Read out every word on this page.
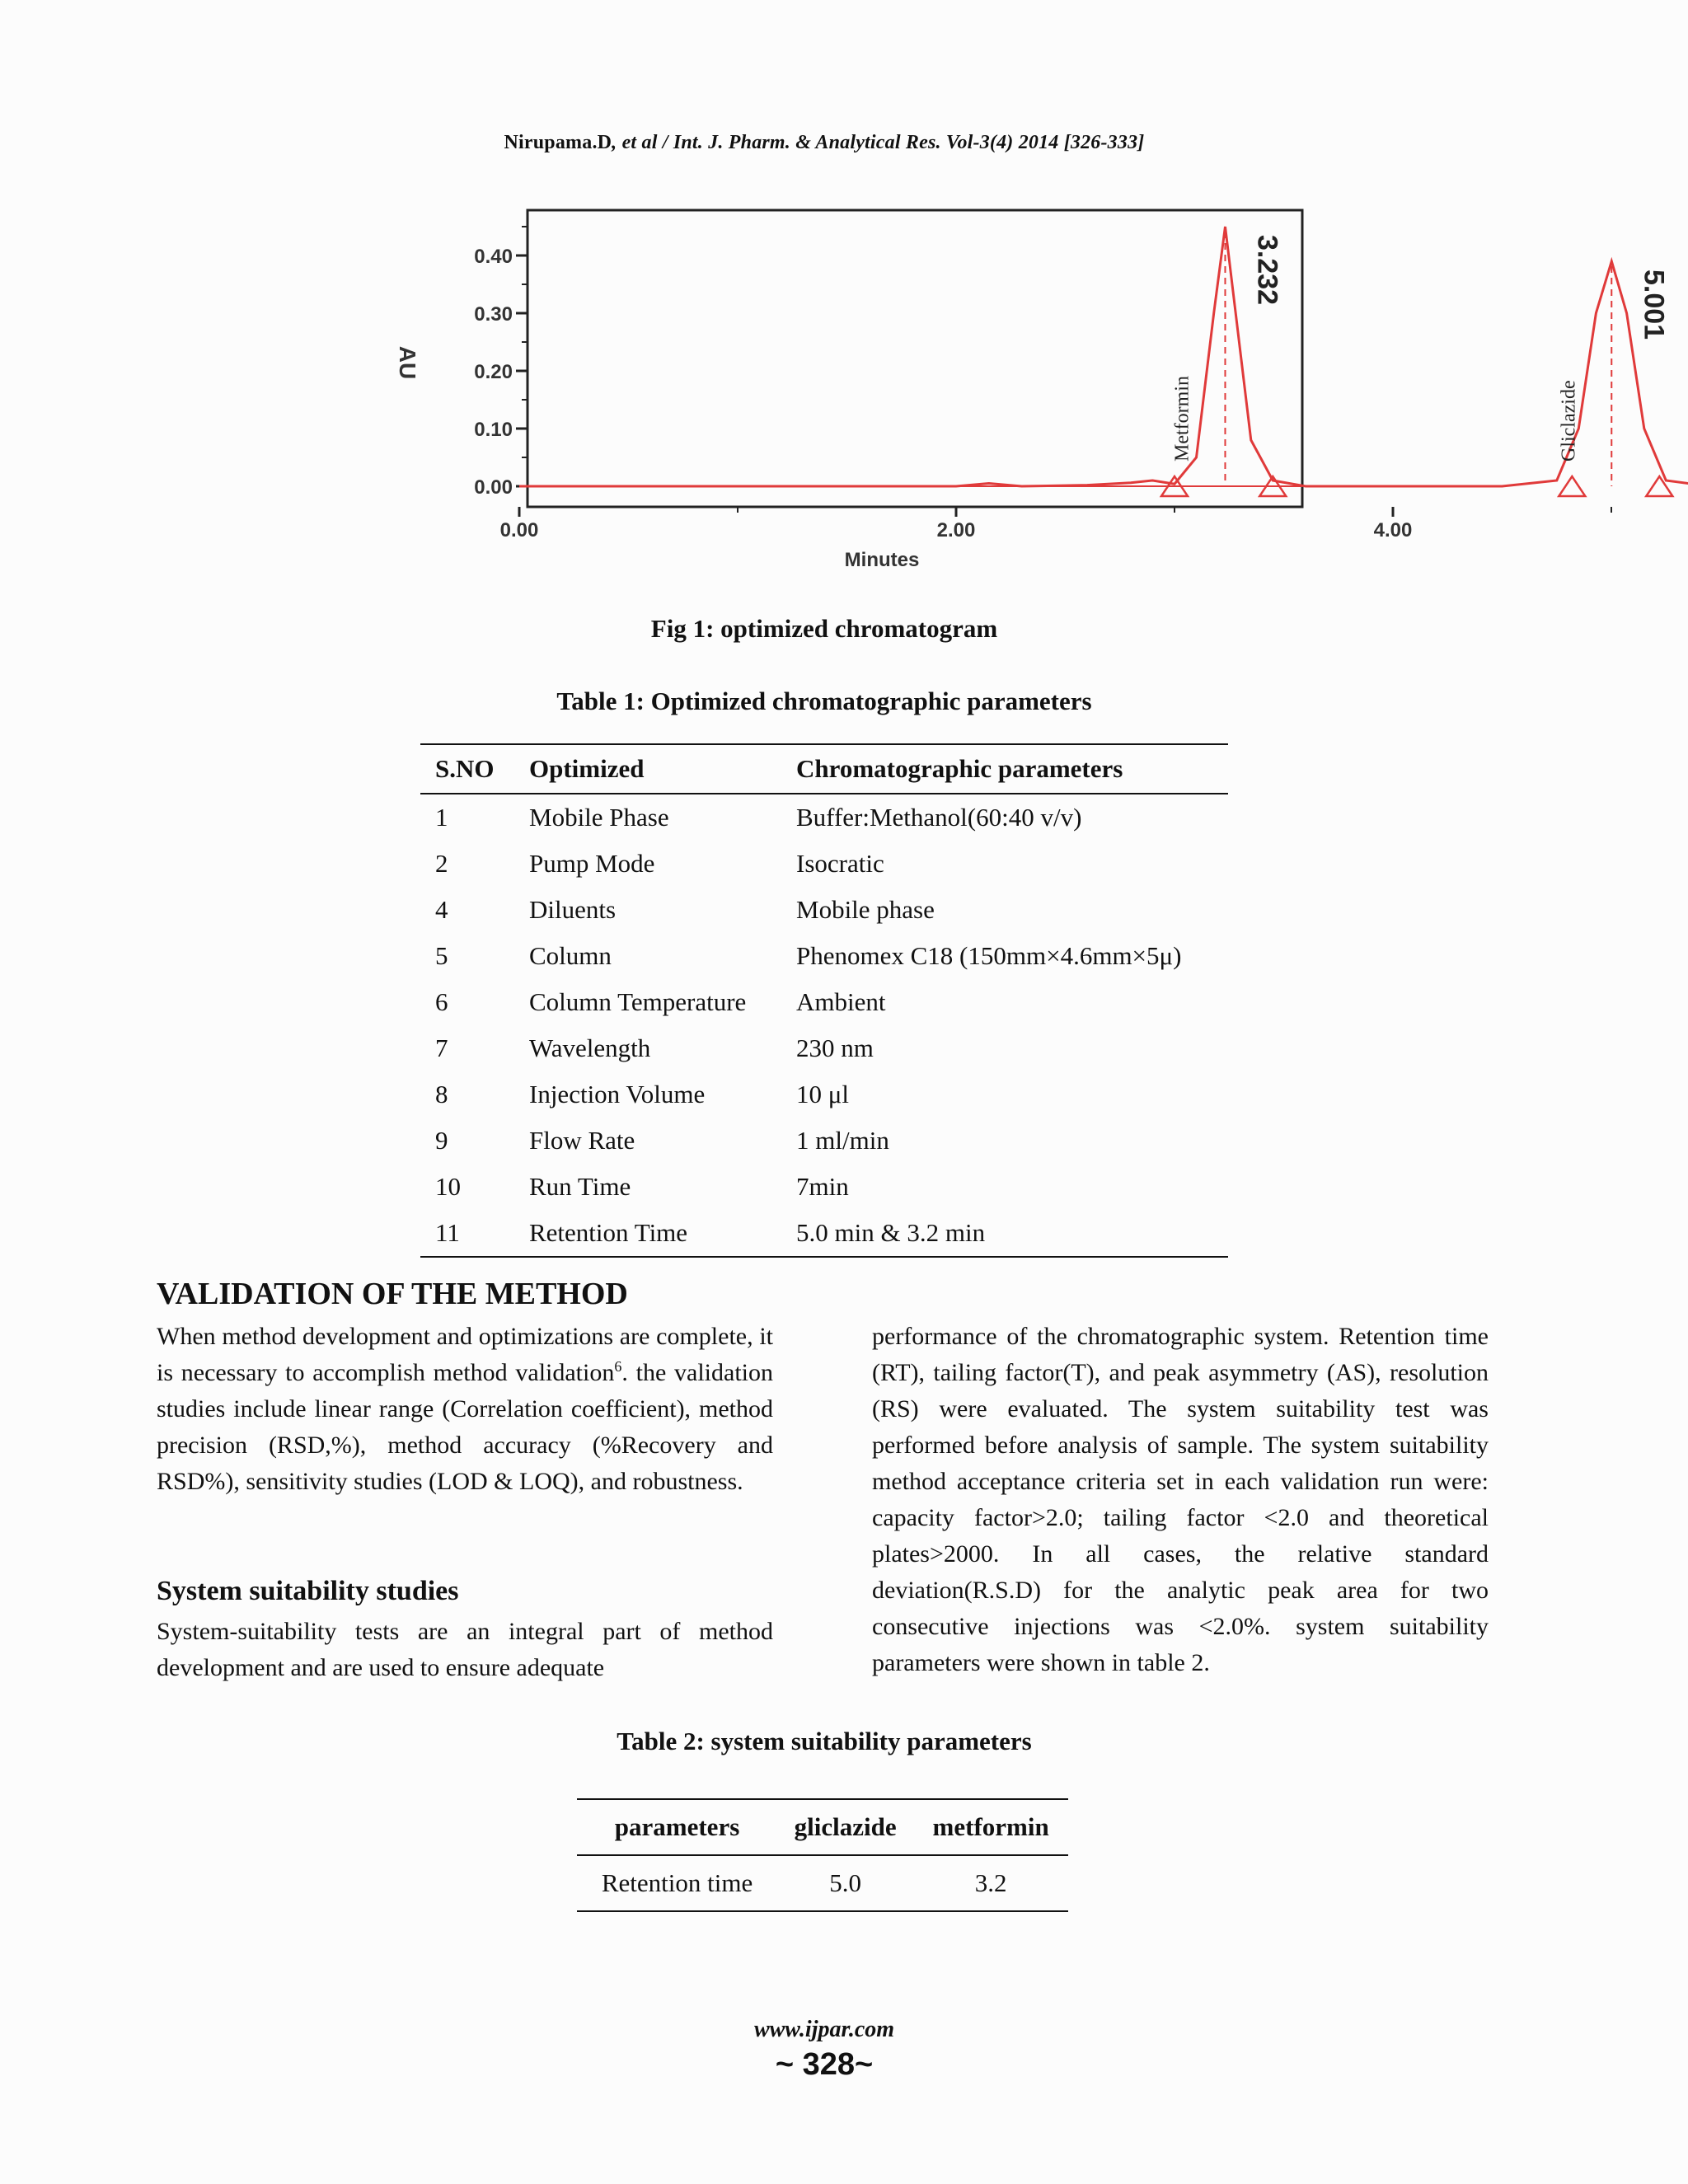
Nirupama.D, et al / Int. J. Pharm. & Analytical Res. Vol-3(4) 2014 [326-333]
0.00
0.10
0.20
0.30
0.40
0.00	2.00	4.00
Minutes
AU
3.232
Metformin
5.001
Gliclazide
Fig 1: optimized chromatogram
Table 1: Optimized chromatographic parameters
S.NO	Optimized	Chromatographic parameters
1	Mobile Phase	Buffer:Methanol(60:40 v/v)
2	Pump Mode	Isocratic
4	Diluents	Mobile phase
5	Column	Phenomex C18 (150mm×4.6mm×5μ)
6	Column Temperature	Ambient
7	Wavelength	230 nm
8	Injection Volume	10 μl
9	Flow Rate	1 ml/min
10	Run Time	7min
11	Retention Time	5.0 min & 3.2 min
VALIDATION OF THE METHOD
When method development and optimizations are complete, it is necessary to accomplish method validation$^6$. the validation studies include linear range (Correlation coefficient), method precision (RSD,%), method accuracy (%Recovery and RSD%), sensitivity studies (LOD & LOQ), and robustness.
System suitability studies
System-suitability tests are an integral part of method development and are used to ensure adequate
performance of the chromatographic system. Retention time (RT), tailing factor(T), and peak asymmetry (AS), resolution (RS) were evaluated. The system suitability test was performed before analysis of sample. The system suitability method acceptance criteria set in each validation run were: capacity factor>2.0; tailing factor <2.0 and theoretical plates>2000. In all cases, the relative standard deviation(R.S.D) for the analytic peak area for two consecutive injections was <2.0%. system suitability parameters were shown in table 2.
Table 2: system suitability parameters
parameters	gliclazide	metformin
Retention time	5.0	3.2
www.ijpar.com
~ 328~
